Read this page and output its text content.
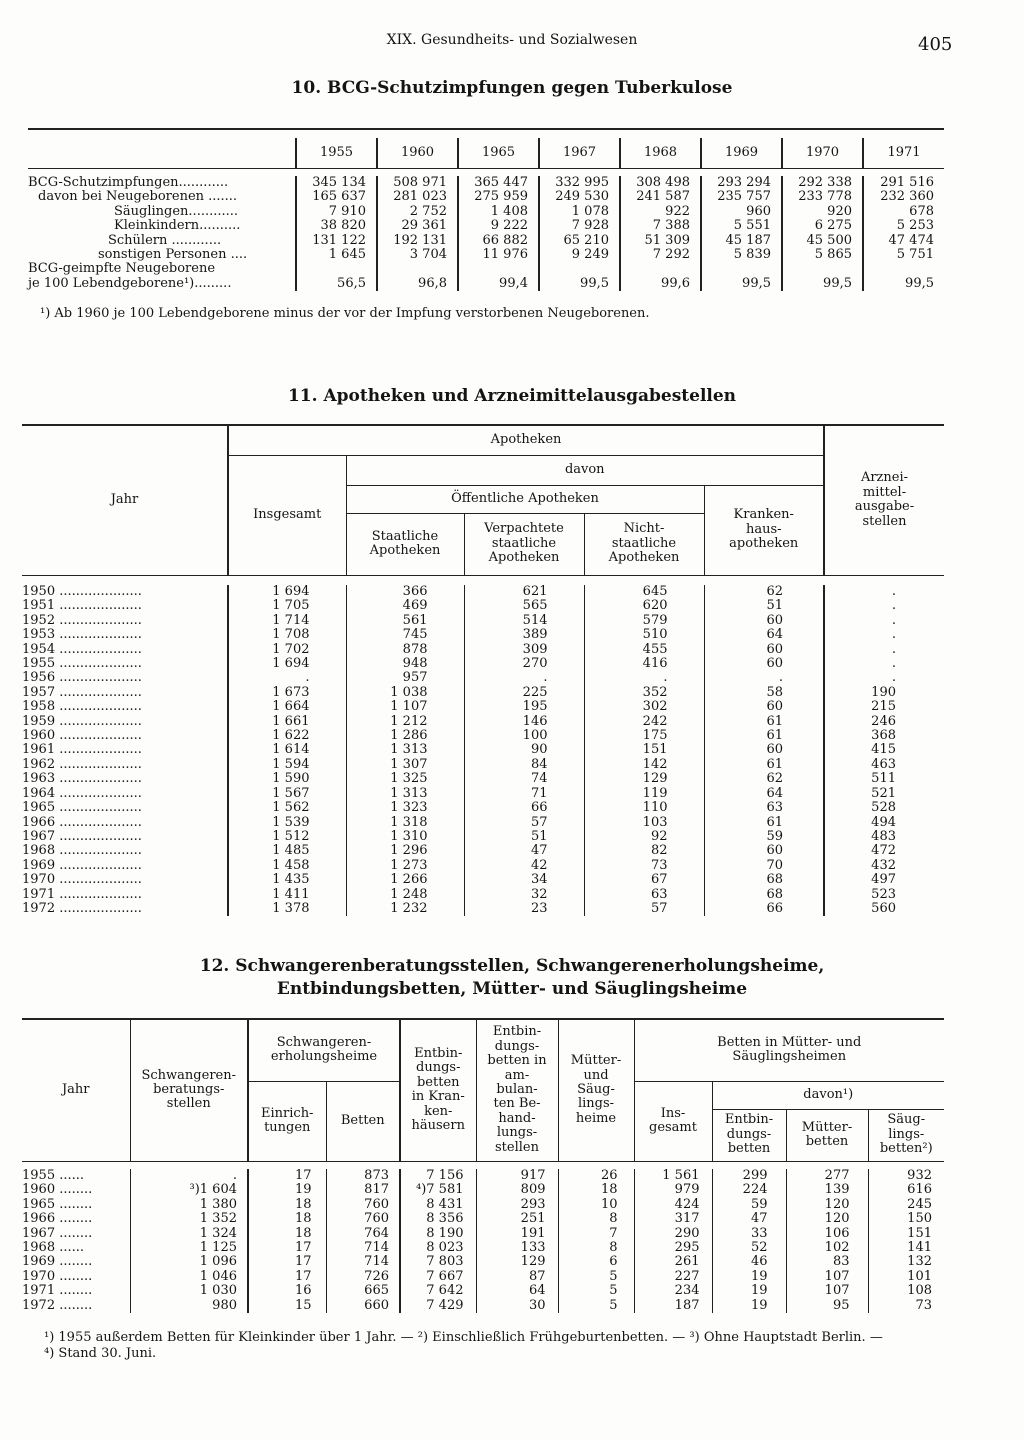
XIX. Gesundheits- und Sozialwesen	405
10. BCG-Schutzimpfungen gegen Tuberkulose
	1955	1960	1965	1967	1968	1969	1970	1971

BCG-Schutzimpfungen............	345 134	508 971	365 447	332 995	308 498	293 294	292 338	291 516
davon bei Neugeborenen .......	165 637	281 023	275 959	249 530	241 587	235 757	233 778	232 360
Säuglingen............	7 910	2 752	1 408	1 078	922	960	920	678
Kleinkindern..........	38 820	29 361	9 222	7 928	7 388	5 551	6 275	5 253
Schülern ............	131 122	192 131	66 882	65 210	51 309	45 187	45 500	47 474
sonstigen Personen ....	1 645	3 704	11 976	9 249	7 292	5 839	5 865	5 751
BCG-geimpfte Neugeborene								
je 100 Lebendgeborene¹).........	56,5	96,8	99,4	99,5	99,6	99,5	99,5	99,5
¹) Ab 1960 je 100 Lebendgeborene minus der vor der Impfung verstorbenen Neugeborenen.
11. Apotheken und Arzneimittelausgabestellen
Jahr	Apotheken					Arznei-mittel-ausgabe-stellen
	Insgesamt	davon				
		Öffentliche Apotheken			Kranken-haus-apotheken	
		Staatliche Apotheken	Verpachtete staatliche Apotheken	Nicht-staatliche Apotheken		

1950 ....................	1 694	366	621	645	62	.
1951 ....................	1 705	469	565	620	51	.
1952 ....................	1 714	561	514	579	60	.
1953 ....................	1 708	745	389	510	64	.
1954 ....................	1 702	878	309	455	60	.
1955 ....................	1 694	948	270	416	60	.
1956 ....................	.	957	.	.	.	.
1957 ....................	1 673	1 038	225	352	58	190
1958 ....................	1 664	1 107	195	302	60	215
1959 ....................	1 661	1 212	146	242	61	246
1960 ....................	1 622	1 286	100	175	61	368
1961 ....................	1 614	1 313	90	151	60	415
1962 ....................	1 594	1 307	84	142	61	463
1963 ....................	1 590	1 325	74	129	62	511
1964 ....................	1 567	1 313	71	119	64	521
1965 ....................	1 562	1 323	66	110	63	528
1966 ....................	1 539	1 318	57	103	61	494
1967 ....................	1 512	1 310	51	92	59	483
1968 ....................	1 485	1 296	47	82	60	472
1969 ....................	1 458	1 273	42	73	70	432
1970 ....................	1 435	1 266	34	67	68	497
1971 ....................	1 411	1 248	32	63	68	523
1972 ....................	1 378	1 232	23	57	66	560
12. Schwangerenberatungsstellen, Schwangerenerholungsheime,
Entbindungsbetten, Mütter- und Säuglingsheime
Jahr	Schwangeren-beratungs-stellen	Schwangeren-erholungsheime		Entbin-dungs-betten in Kran-ken-häusern	Entbin-dungs-betten in am-bulan-ten Be-hand-lungs-stellen	Mütter- und Säug-lings-heime	Betten in Mütter- und Säuglingsheimen			
		Einrich-tungen	Betten				Ins-gesamt	davon¹)		
								Entbin-dungs-betten	Mütter-betten	Säug-lings-betten²)

1955 ......	.	17	873	7 156	917	26	1 561	299	277	932
1960 ........	³)1 604	19	817	⁴)7 581	809	18	979	224	139	616
1965 ........	1 380	18	760	8 431	293	10	424	59	120	245
1966 ........	1 352	18	760	8 356	251	8	317	47	120	150
1967 ........	1 324	18	764	8 190	191	7	290	33	106	151
1968 ......	1 125	17	714	8 023	133	8	295	52	102	141
1969 ........	1 096	17	714	7 803	129	6	261	46	83	132
1970 ........	1 046	17	726	7 667	87	5	227	19	107	101
1971 ........	1 030	16	665	7 642	64	5	234	19	107	108
1972 ........	980	15	660	7 429	30	5	187	19	95	73
¹) 1955 außerdem Betten für Kleinkinder über 1 Jahr. — ²) Einschließlich Frühgeburtenbetten. — ³) Ohne Hauptstadt Berlin. —
⁴) Stand 30. Juni.
